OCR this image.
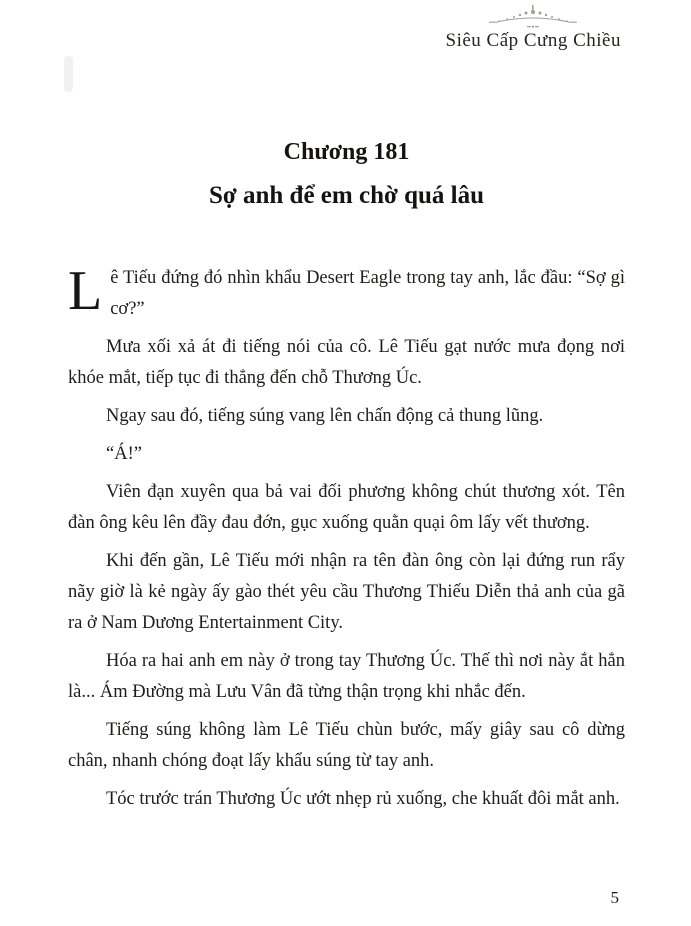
Siêu Cấp Cưng Chiều
Chương 181
Sợ anh để em chờ quá lâu

Lê Tiếu đứng đó nhìn khẩu Desert Eagle trong tay anh, lắc đầu: “Sợ gì cơ?”

Mưa xối xả át đi tiếng nói của cô. Lê Tiếu gạt nước mưa đọng nơi khóe mắt, tiếp tục đi thẳng đến chỗ Thương Úc.

Ngay sau đó, tiếng súng vang lên chấn động cả thung lũng.

“Á!”

Viên đạn xuyên qua bả vai đối phương không chút thương xót. Tên đàn ông kêu lên đầy đau đớn, gục xuống quằn quại ôm lấy vết thương.

Khi đến gần, Lê Tiếu mới nhận ra tên đàn ông còn lại đứng run rẩy nãy giờ là kẻ ngày ấy gào thét yêu cầu Thương Thiếu Diễn thả anh của gã ra ở Nam Dương Entertainment City.

Hóa ra hai anh em này ở trong tay Thương Úc. Thế thì nơi này ắt hẳn là... Ám Đường mà Lưu Vân đã từng thận trọng khi nhắc đến.

Tiếng súng không làm Lê Tiếu chùn bước, mấy giây sau cô dừng chân, nhanh chóng đoạt lấy khẩu súng từ tay anh.

Tóc trước trán Thương Úc ướt nhẹp rủ xuống, che khuất đôi mắt anh.

5
